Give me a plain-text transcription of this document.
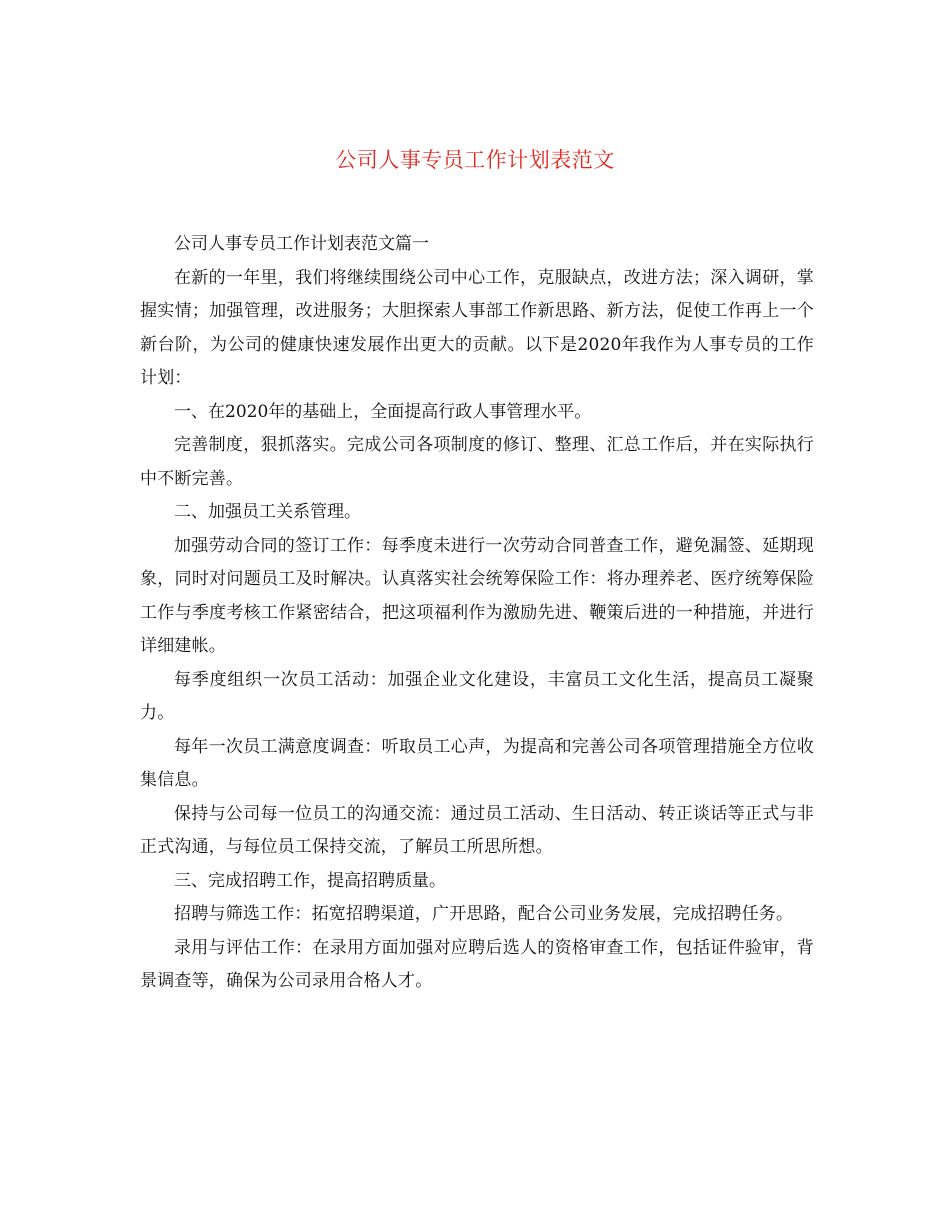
公司人事专员工作计划表范文

公司人事专员工作计划表范文篇一

在新的一年里，我们将继续围绕公司中心工作，克服缺点，改进方法；深入调研，掌握实情；加强管理，改进服务；大胆探索人事部工作新思路、新方法，促使工作再上一个新台阶，为公司的健康快速发展作出更大的贡献。以下是2020年我作为人事专员的工作计划：

一、在2020年的基础上，全面提高行政人事管理水平。

完善制度，狠抓落实。完成公司各项制度的修订、整理、汇总工作后，并在实际执行中不断完善。

二、加强员工关系管理。

加强劳动合同的签订工作：每季度未进行一次劳动合同普查工作，避免漏签、延期现象，同时对问题员工及时解决。认真落实社会统筹保险工作：将办理养老、医疗统筹保险工作与季度考核工作紧密结合，把这项福利作为激励先进、鞭策后进的一种措施，并进行详细建帐。

每季度组织一次员工活动：加强企业文化建设，丰富员工文化生活，提高员工凝聚力。

每年一次员工满意度调查：听取员工心声，为提高和完善公司各项管理措施全方位收集信息。

保持与公司每一位员工的沟通交流：通过员工活动、生日活动、转正谈话等正式与非正式沟通，与每位员工保持交流，了解员工所思所想。

三、完成招聘工作，提高招聘质量。

招聘与筛选工作：拓宽招聘渠道，广开思路，配合公司业务发展，完成招聘任务。

录用与评估工作：在录用方面加强对应聘后选人的资格审查工作，包括证件验审，背景调查等，确保为公司录用合格人才。
